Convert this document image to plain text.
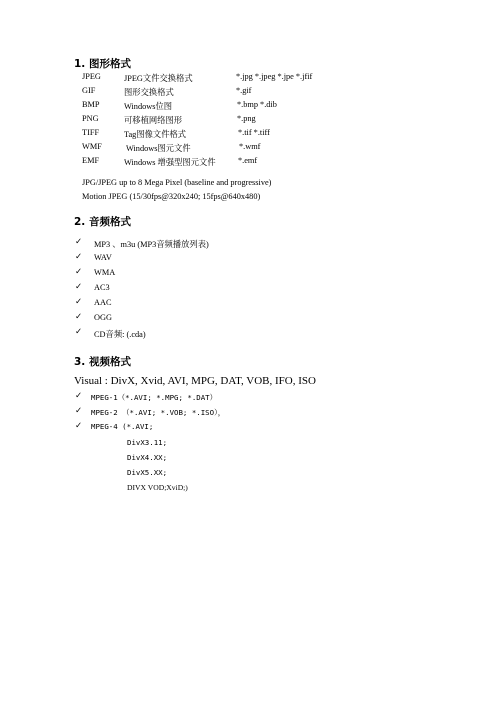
1. 图形格式
JPEG	JPEG文件交换格式	*.jpg *.jpeg *.jpe *.jfif
GIF	图形交换格式	*.gif
BMP	Windows位图	*.bmp *.dib
PNG	可移植网络图形	*.png
TIFF	Tag图像文件格式	*.tif *.tiff
WMF	Windows图元文件	*.wmf
EMF	Windows 增强型图元文件	*.emf
JPG/JPEG up to 8 Mega Pixel (baseline and progressive)
Motion JPEG (15/30fps@320x240; 15fps@640x480)
2. 音频格式
✓ MP3 、m3u (MP3音频播放列表)
✓ WAV
✓ WMA
✓ AC3
✓ AAC
✓ OGG
✓ CD音频: (.cda)
3. 视频格式
Visual : DivX, Xvid, AVI, MPG, DAT, VOB, IFO, ISO
✓ MPEG-1（*.AVI; *.MPG; *.DAT）
✓ MPEG-2 （*.AVI; *.VOB; *.ISO），
✓ MPEG-4 (*.AVI;
DivX3.11;
DivX4.XX;
DivX5.XX;
DIVX VOD;XviD;)
